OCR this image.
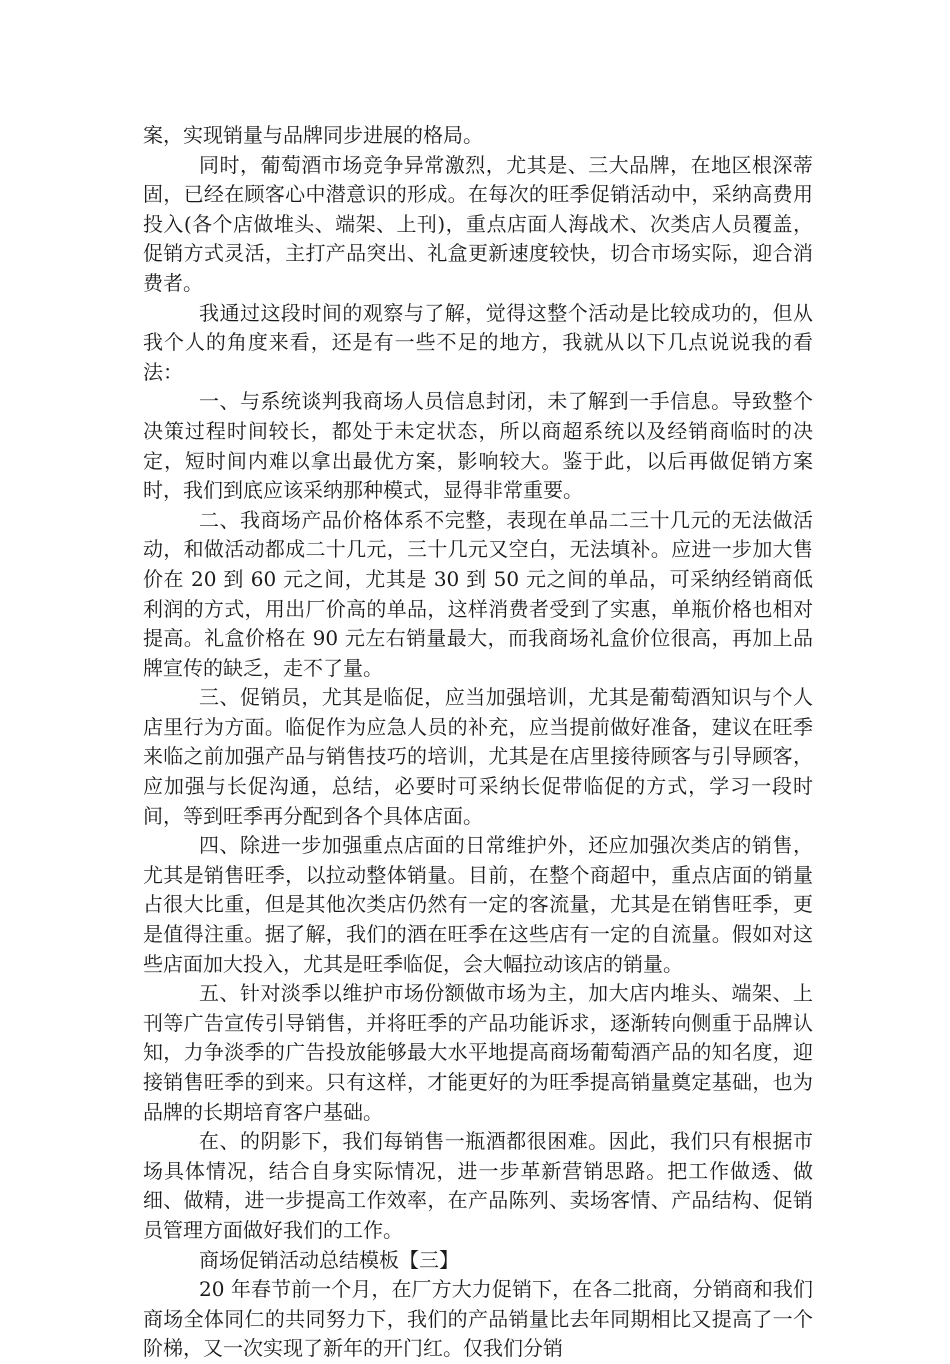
案，实现销量与品牌同步进展的格局。

同时，葡萄酒市场竞争异常激烈，尤其是、三大品牌，在地区根深蒂固，已经在顾客心中潜意识的形成。在每次的旺季促销活动中，采纳高费用投入(各个店做堆头、端架、上刊)，重点店面人海战术、次类店人员覆盖，促销方式灵活，主打产品突出、礼盒更新速度较快，切合市场实际，迎合消费者。

我通过这段时间的观察与了解，觉得这整个活动是比较成功的，但从我个人的角度来看，还是有一些不足的地方，我就从以下几点说说我的看法：

一、与系统谈判我商场人员信息封闭，未了解到一手信息。导致整个决策过程时间较长，都处于未定状态，所以商超系统以及经销商临时的决定，短时间内难以拿出最优方案，影响较大。鉴于此，以后再做促销方案时，我们到底应该采纳那种模式，显得非常重要。

二、我商场产品价格体系不完整，表现在单品二三十几元的无法做活动，和做活动都成二十几元，三十几元又空白，无法填补。应进一步加大售价在 20 到 60 元之间，尤其是 30 到 50 元之间的单品，可采纳经销商低利润的方式，用出厂价高的单品，这样消费者受到了实惠，单瓶价格也相对提高。礼盒价格在 90 元左右销量最大，而我商场礼盒价位很高，再加上品牌宣传的缺乏，走不了量。

三、促销员，尤其是临促，应当加强培训，尤其是葡萄酒知识与个人店里行为方面。临促作为应急人员的补充，应当提前做好准备，建议在旺季来临之前加强产品与销售技巧的培训，尤其是在店里接待顾客与引导顾客，应加强与长促沟通，总结，必要时可采纳长促带临促的方式，学习一段时间，等到旺季再分配到各个具体店面。

四、除进一步加强重点店面的日常维护外，还应加强次类店的销售，尤其是销售旺季，以拉动整体销量。目前，在整个商超中，重点店面的销量占很大比重，但是其他次类店仍然有一定的客流量，尤其是在销售旺季，更是值得注重。据了解，我们的酒在旺季在这些店有一定的自流量。假如对这些店面加大投入，尤其是旺季临促，会大幅拉动该店的销量。

五、针对淡季以维护市场份额做市场为主，加大店内堆头、端架、上刊等广告宣传引导销售，并将旺季的产品功能诉求，逐渐转向侧重于品牌认知，力争淡季的广告投放能够最大水平地提高商场葡萄酒产品的知名度，迎接销售旺季的到来。只有这样，才能更好的为旺季提高销量奠定基础，也为品牌的长期培育客户基础。

在、的阴影下，我们每销售一瓶酒都很困难。因此，我们只有根据市场具体情况，结合自身实际情况，进一步革新营销思路。把工作做透、做细、做精，进一步提高工作效率，在产品陈列、卖场客情、产品结构、促销员管理方面做好我们的工作。

商场促销活动总结模板【三】

20 年春节前一个月，在厂方大力促销下，在各二批商，分销商和我们商场全体同仁的共同努力下，我们的产品销量比去年同期相比又提高了一个阶梯，又一次实现了新年的开门红。仅我们分销
